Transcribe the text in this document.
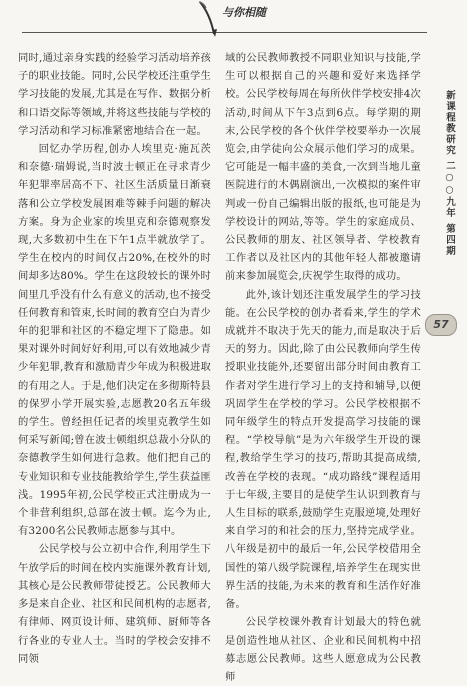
与你相随

同时,通过亲身实践的经验学习活动培养孩子的职业技能。同时,公民学校还注重学生学习技能的发展,尤其是在写作、数据分析和口语交际等领域,并将这些技能与学校的学习活动和学习标准紧密地结合在一起。

回忆办学历程,创办人埃里克·施瓦茨和奈德·瑞姆说,当时波士顿正在寻求青少年犯罪率居高不下、社区生活质量日渐衰落和公立学校发展困难等棘手问题的解决方案。身为企业家的埃里克和奈德观察发现,大多数初中生在下午1点半就放学了。学生在校内的时间仅占20%,在校外的时间却多达80%。学生在这段较长的课外时间里几乎没有什么有意义的活动,也不接受任何教育和管束,长时间的教育空白为青少年的犯罪和社区的不稳定埋下了隐患。如果对课外时间好好利用,可以有效地减少青少年犯罪,教育和激励青少年成为积极进取的有用之人。于是,他们决定在多彻斯特县的保罗小学开展实验,志愿教20名五年级的学生。曾经担任记者的埃里克教学生如何采写新闻;曾在波士顿组织总裁小分队的奈德教学生如何进行急救。他们把自己的专业知识和专业技能教给学生,学生获益匪浅。1995年初,公民学校正式注册成为一个非营利组织,总部在波士顿。迄今为止,有3200名公民教师志愿参与其中。

公民学校与公立初中合作,利用学生下午放学后的时间在校内实施课外教育计划,其核心是公民教师带徒授艺。公民教师大多是来自企业、社区和民间机构的志愿者,有律师、网页设计师、建筑师、厨师等各行各业的专业人士。当时的学校会安排不同领

域的公民教师教授不同职业知识与技能,学生可以根据自己的兴趣和爱好来选择学校。公民学校每周在每所伙伴学校安排4次活动,时间从下午3点到6点。每学期的期末,公民学校的各个伙伴学校要举办一次展览会,由学徒向公众展示他们学习的成果。它可能是一幅丰盛的美食,一次到当地儿童医院进行的木偶剧演出,一次模拟的案件审判或一份自己编辑出版的报纸,也可能是为学校设计的网站,等等。学生的家庭成员、公民教师的朋友、社区领导者、学校教育工作者以及社区内的其他年轻人都被邀请前来参加展览会,庆祝学生取得的成功。

此外,该计划还注重发展学生的学习技能。在公民学校的创办者看来,学生的学术成就并不取决于先天的能力,而是取决于后天的努力。因此,除了由公民教师向学生传授职业技能外,还要留出部分时间由教育工作者对学生进行学习上的支持和辅导,以便巩固学生在学校的学习。公民学校根据不同年级学生的特点开发提高学习技能的课程。“学校导航”是为六年级学生开设的课程,教给学生学习的技巧,帮助其提高成绩,改善在学校的表现。“成功路线”课程适用于七年级,主要目的是使学生认识到教育与人生目标的联系,鼓励学生克服逆境,处理好来自学习的和社会的压力,坚持完成学业。八年级是初中的最后一年,公民学校借用全国性的第八级学院课程,培养学生在现实世界生活的技能,为未来的教育和生活作好准备。

公民学校课外教育计划最大的特色就是创造性地从社区、企业和民间机构中招募志愿公民教师。这些人愿意成为公民教师

新课程教研究 二○○九年 第四期
57
